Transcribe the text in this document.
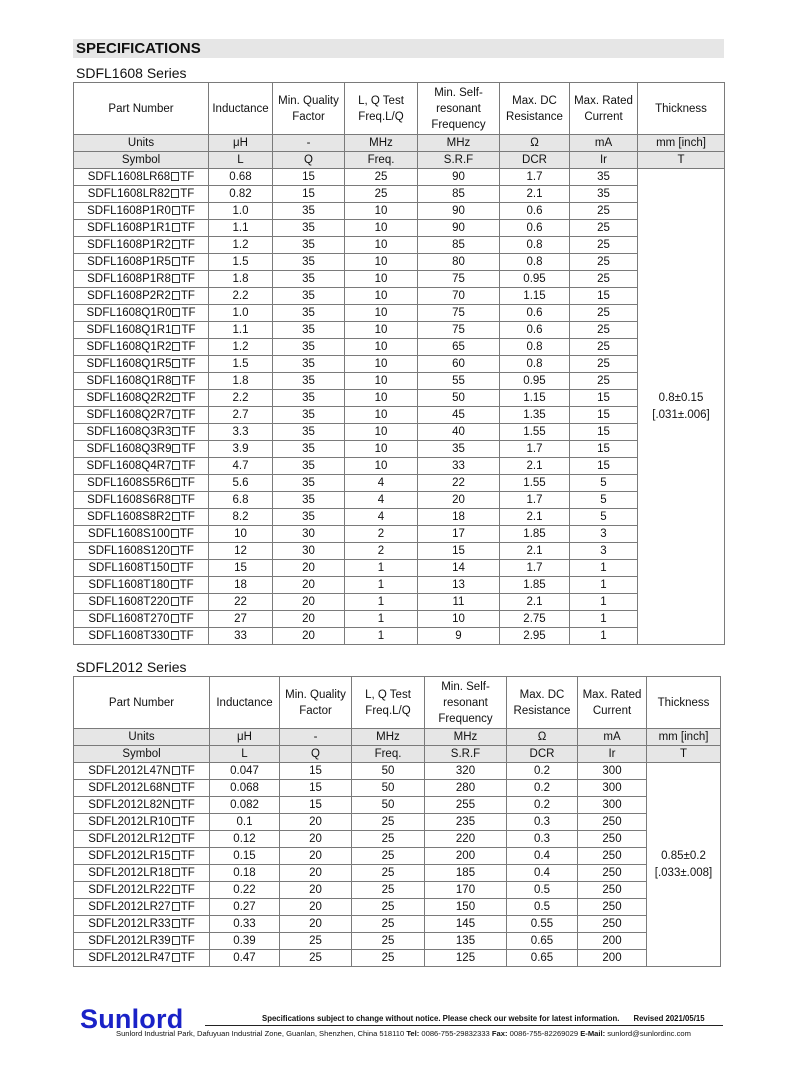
SPECIFICATIONS
SDFL1608 Series
Part Number	Inductance	Min. Quality Factor	L, Q Test Freq.L/Q	Min. Self-resonant Frequency	Max. DC Resistance	Max. Rated Current	Thickness
Units	μH	-	MHz	MHz	Ω	mA	mm [inch]
Symbol	L	Q	Freq.	S.R.F	DCR	Ir	T
SDFL1608LR68 TF	0.68	15	25	90	1.7	35	0.8±0.15
[.031±.006]

SDFL1608LR82 TF	0.82	15	25	85	2.1	35	
SDFL1608P1R0 TF	1.0	35	10	90	0.6	25	
SDFL1608P1R1 TF	1.1	35	10	90	0.6	25	
SDFL1608P1R2 TF	1.2	35	10	85	0.8	25	
SDFL1608P1R5 TF	1.5	35	10	80	0.8	25	
SDFL1608P1R8 TF	1.8	35	10	75	0.95	25	
SDFL1608P2R2 TF	2.2	35	10	70	1.15	15	
SDFL1608Q1R0 TF	1.0	35	10	75	0.6	25	
SDFL1608Q1R1 TF	1.1	35	10	75	0.6	25	
SDFL1608Q1R2 TF	1.2	35	10	65	0.8	25	
SDFL1608Q1R5 TF	1.5	35	10	60	0.8	25	
SDFL1608Q1R8 TF	1.8	35	10	55	0.95	25	
SDFL1608Q2R2 TF	2.2	35	10	50	1.15	15	
SDFL1608Q2R7 TF	2.7	35	10	45	1.35	15	
SDFL1608Q3R3 TF	3.3	35	10	40	1.55	15	
SDFL1608Q3R9 TF	3.9	35	10	35	1.7	15	
SDFL1608Q4R7 TF	4.7	35	10	33	2.1	15	
SDFL1608S5R6 TF	5.6	35	4	22	1.55	5	
SDFL1608S6R8 TF	6.8	35	4	20	1.7	5	
SDFL1608S8R2 TF	8.2	35	4	18	2.1	5	
SDFL1608S100 TF	10	30	2	17	1.85	3	
SDFL1608S120 TF	12	30	2	15	2.1	3	
SDFL1608T150 TF	15	20	1	14	1.7	1	
SDFL1608T180 TF	18	20	1	13	1.85	1	
SDFL1608T220 TF	22	20	1	11	2.1	1	
SDFL1608T270 TF	27	20	1	10	2.75	1	
SDFL1608T330 TF	33	20	1	9	2.95	1	
SDFL2012 Series
Part Number	Inductance	Min. Quality Factor	L, Q Test Freq.L/Q	Min. Self-resonant Frequency	Max. DC Resistance	Max. Rated Current	Thickness
Units	μH	-	MHz	MHz	Ω	mA	mm [inch]
Symbol	L	Q	Freq.	S.R.F	DCR	Ir	T
SDFL2012L47N TF	0.047	15	50	320	0.2	300	0.85±0.2
[.033±.008]

SDFL2012L68N TF	0.068	15	50	280	0.2	300	
SDFL2012L82N TF	0.082	15	50	255	0.2	300	
SDFL2012LR10 TF	0.1	20	25	235	0.3	250	
SDFL2012LR12 TF	0.12	20	25	220	0.3	250	
SDFL2012LR15 TF	0.15	20	25	200	0.4	250	
SDFL2012LR18 TF	0.18	20	25	185	0.4	250	
SDFL2012LR22 TF	0.22	20	25	170	0.5	250	
SDFL2012LR27 TF	0.27	20	25	150	0.5	250	
SDFL2012LR33 TF	0.33	20	25	145	0.55	250	
SDFL2012LR39 TF	0.39	25	25	135	0.65	200	
SDFL2012LR47 TF	0.47	25	25	125	0.65	200	
Sunlord	Specifications subject to change without notice. Please check our website for latest information. Revised 2021/05/15
Sunlord Industrial Park, Dafuyuan Industrial Zone, Guanlan, Shenzhen, China 518110 Tel: 0086-755-29832333 Fax: 0086-755-82269029 E-Mail: sunlord@sunlordinc.com
